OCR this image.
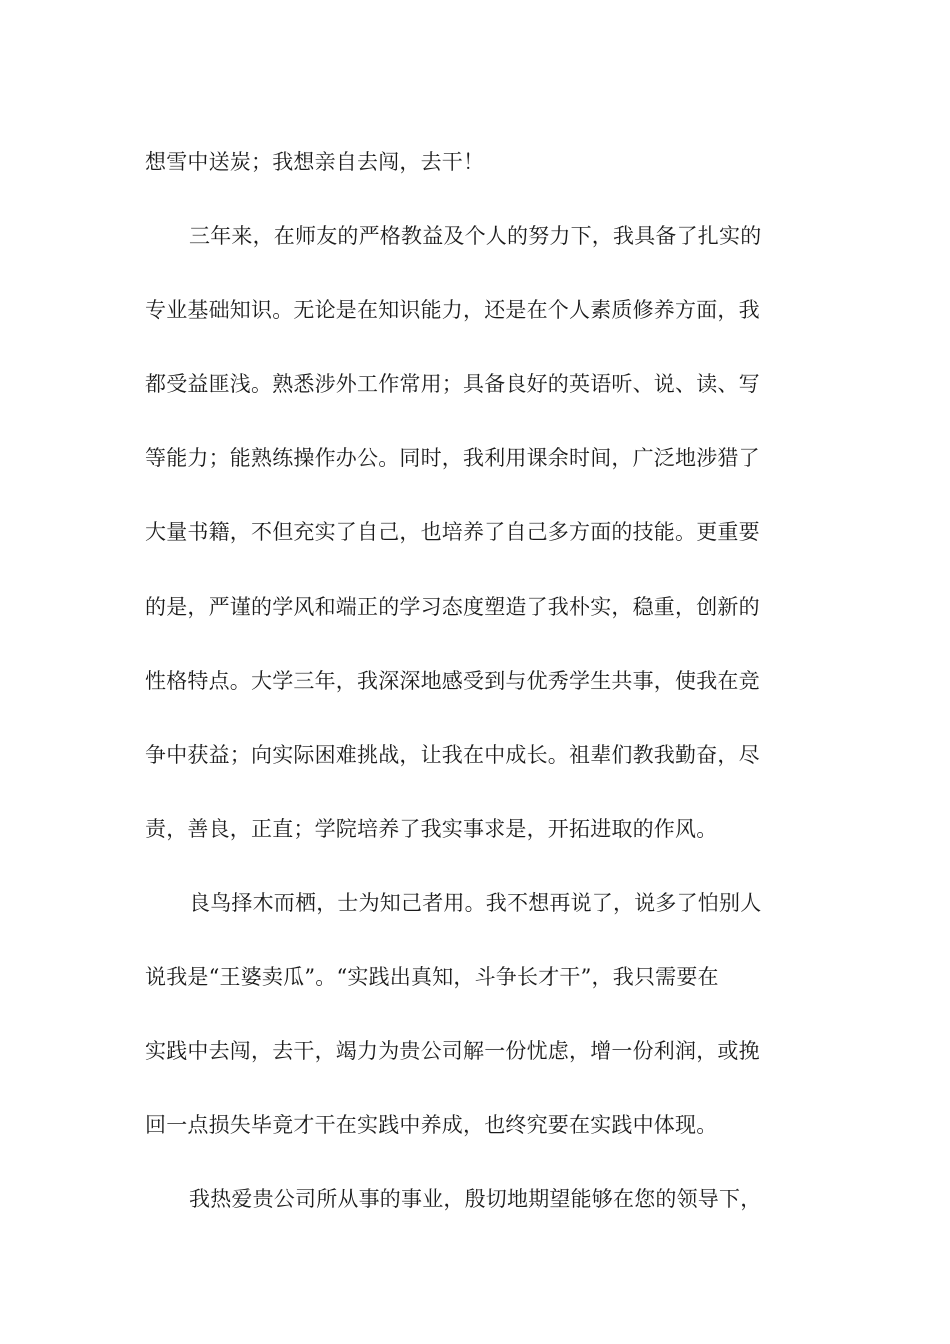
想雪中送炭；我想亲自去闯，去干！
三年来，在师友的严格教益及个人的努力下，我具备了扎实的
专业基础知识。无论是在知识能力，还是在个人素质修养方面，我
都受益匪浅。熟悉涉外工作常用；具备良好的英语听、说、读、写
等能力；能熟练操作办公。同时，我利用课余时间，广泛地涉猎了
大量书籍，不但充实了自己，也培养了自己多方面的技能。更重要
的是，严谨的学风和端正的学习态度塑造了我朴实，稳重，创新的
性格特点。大学三年，我深深地感受到与优秀学生共事，使我在竞
争中获益；向实际困难挑战，让我在中成长。祖辈们教我勤奋，尽
责，善良，正直；学院培养了我实事求是，开拓进取的作风。
良鸟择木而栖，士为知己者用。我不想再说了，说多了怕别人
说我是“王婆卖瓜”。“实践出真知，斗争长才干”，我只需要在
实践中去闯，去干，竭力为贵公司解一份忧虑，增一份利润，或挽
回一点损失毕竟才干在实践中养成，也终究要在实践中体现。
我热爱贵公司所从事的事业，殷切地期望能够在您的领导下，
